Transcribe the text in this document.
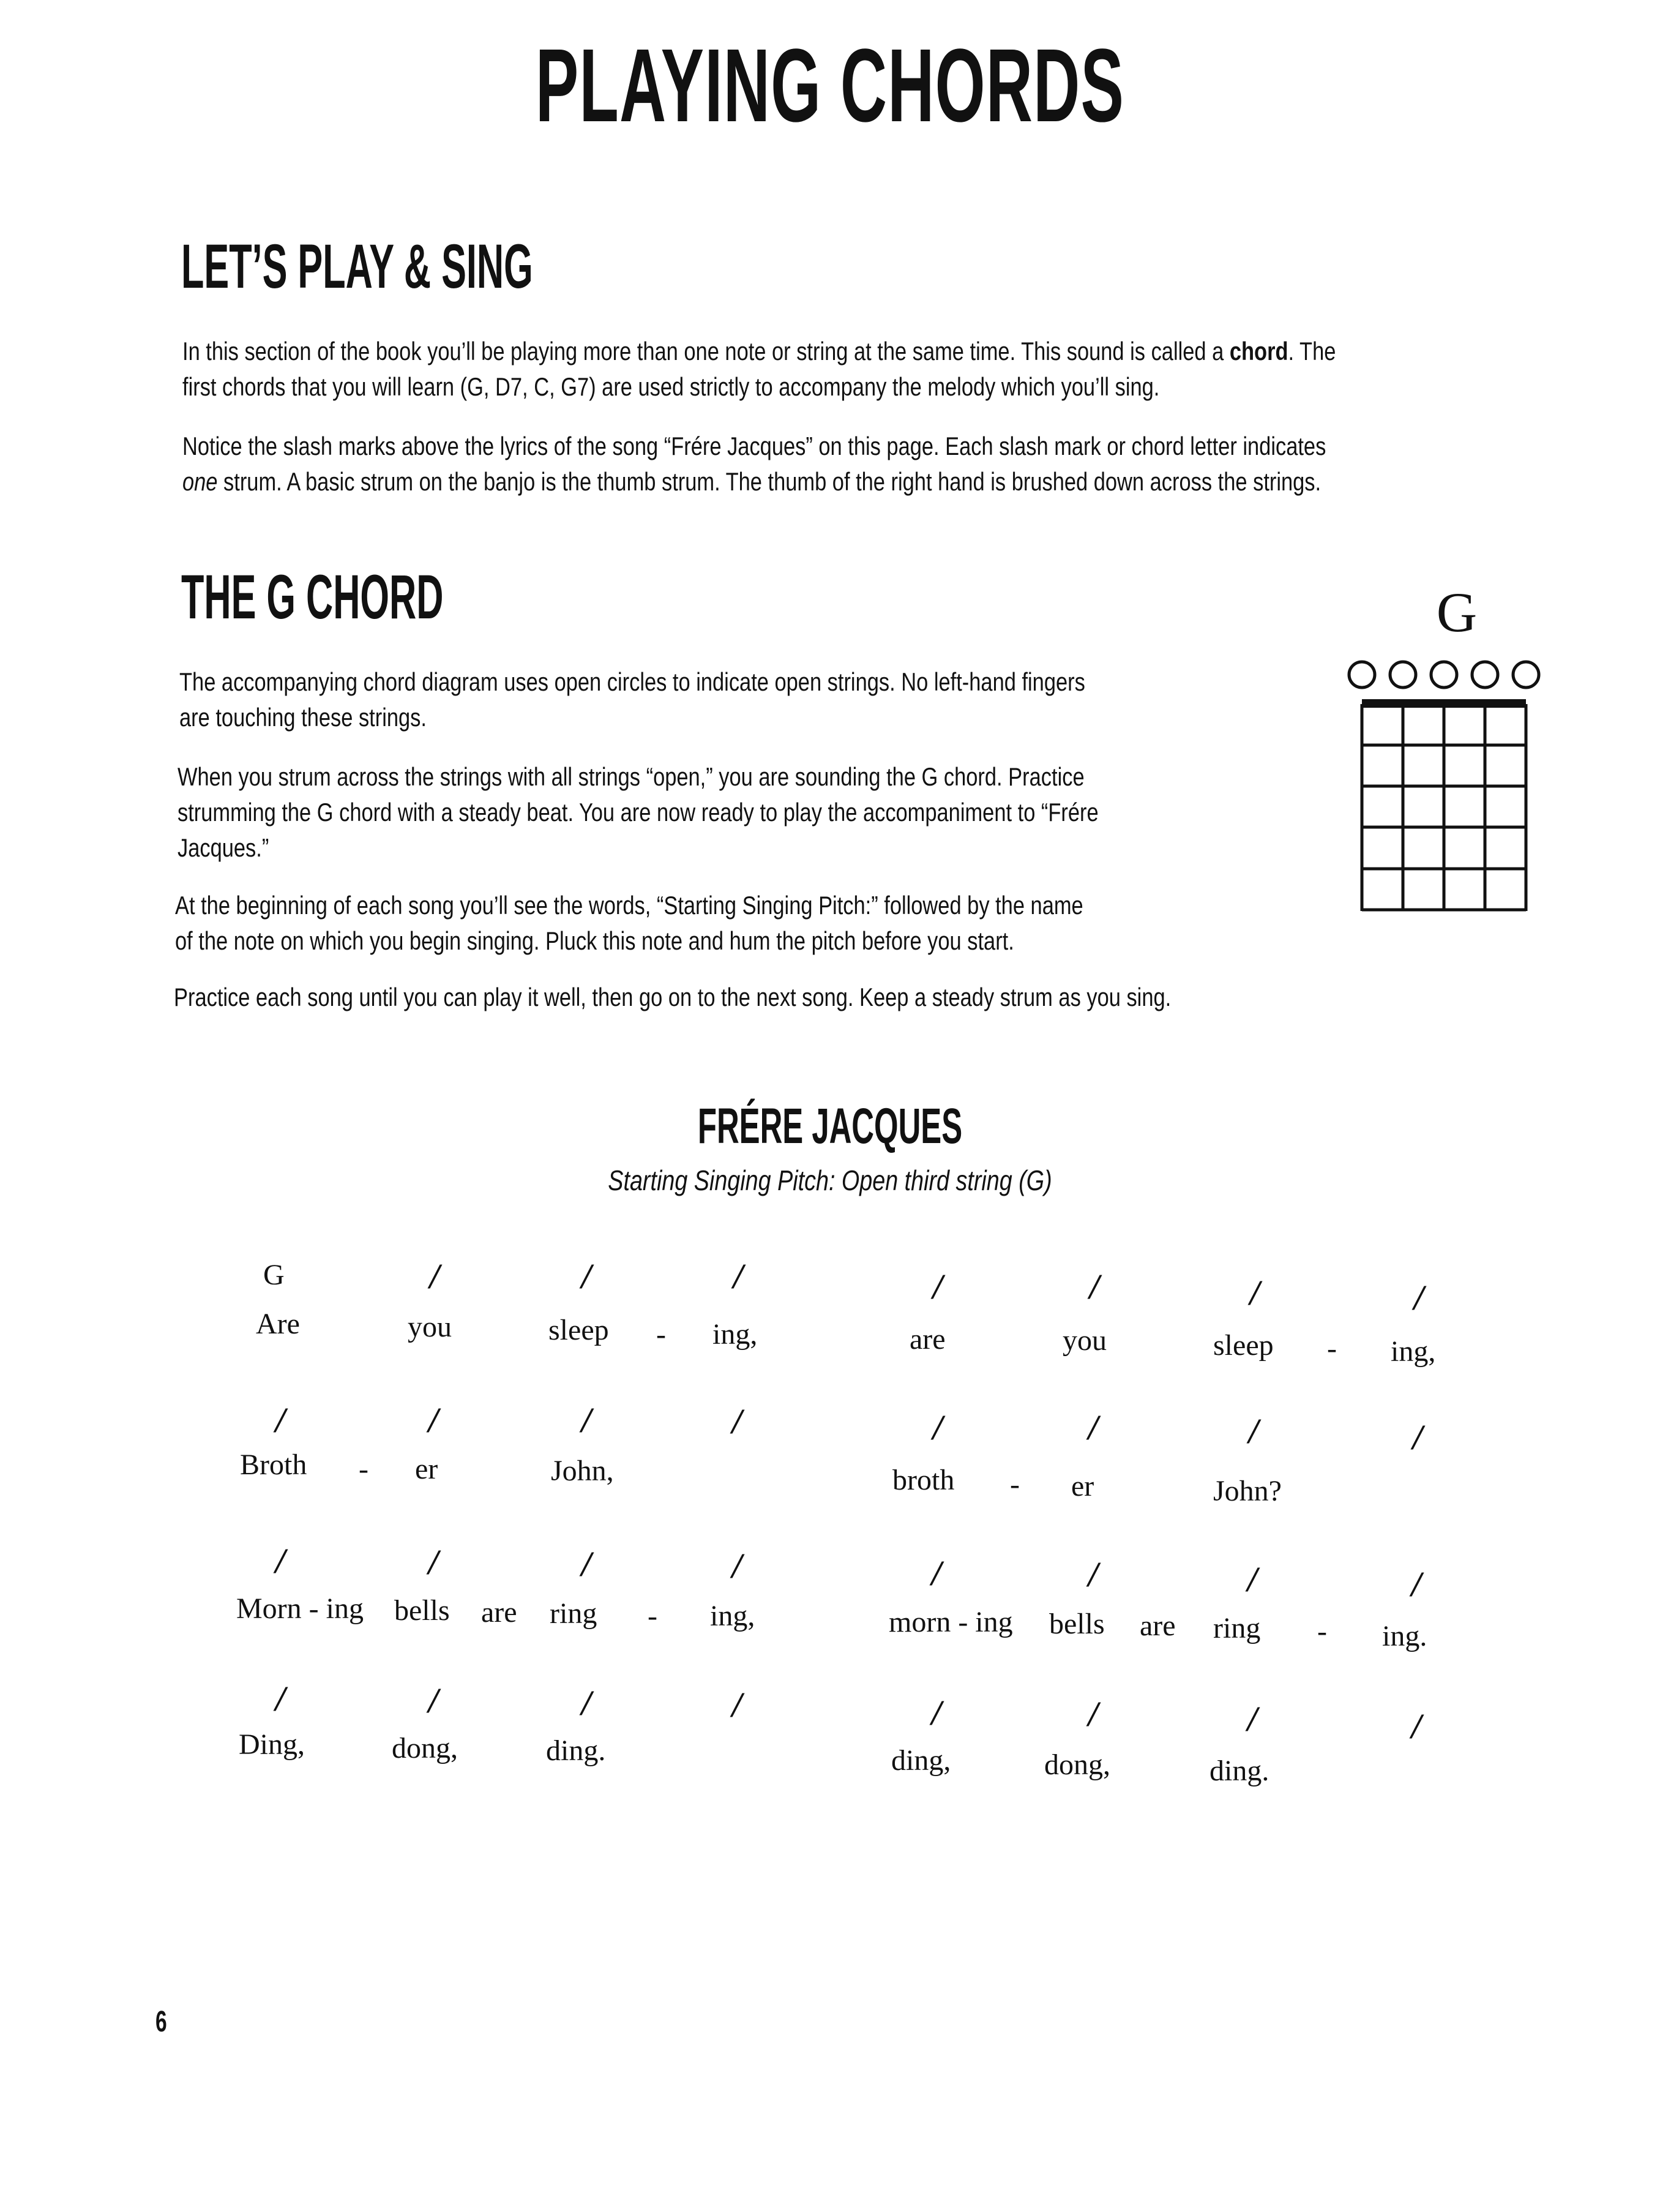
PLAYING CHORDS
LET’S PLAY & SING

In this section of the book you’ll be playing more than one note or string at the same time. This sound is called a chord. The

first chords that you will learn (G, D7, C, G7) are used strictly to accompany the melody which you’ll sing.

Notice the slash marks above the lyrics of the song “Frére Jacques” on this page. Each slash mark or chord letter indicates

one strum. A basic strum on the banjo is the thumb strum. The thumb of the right hand is brushed down across the strings.

THE G CHORD

The accompanying chord diagram uses open circles to indicate open strings. No left-hand fingers

are touching these strings.

When you strum across the strings with all strings “open,” you are sounding the G chord. Practice

strumming the G chord with a steady beat. You are now ready to play the accompaniment to “Frére

Jacques.”

At the beginning of each song you’ll see the words, “Starting Singing Pitch:” followed by the name

of the note on which you begin singing. Pluck this note and hum the pitch before you start.

Practice each song until you can play it well, then go on to the next song. Keep a steady strum as you sing.

G
FRÉRE JACQUES
Starting Singing Pitch: Open third string (G)
G	/	/	/	/	/	/	/
Are	you	sleep - ing,	are	you	sleep - ing,
/	/	/	/	/	/	/	/
Broth - er	John,	broth - er	John?
/	/	/	/	/	/	/	/
Morn - ing bells are ring - ing,	morn - ing bells are ring - ing.
/	/	/	/	/	/	/	/
Ding,	dong,	ding.	ding,	dong,	ding.
6
